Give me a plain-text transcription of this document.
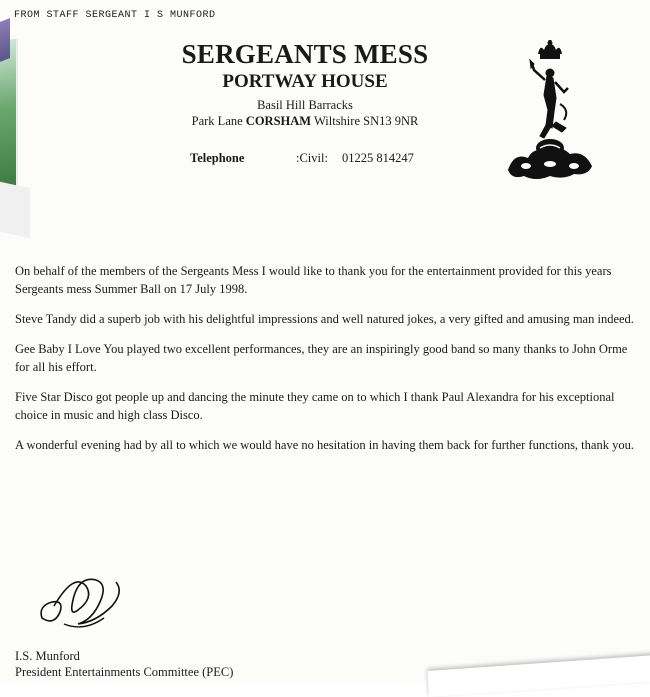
FROM STAFF SERGEANT I S MUNFORD
SERGEANTS MESS
PORTWAY HOUSE
Basil Hill Barracks
Park Lane CORSHAM Wiltshire SN13 9NR
Telephone	:Civil: 01225 814247

On behalf of the members of the Sergeants Mess I would like to thank you for the entertainment provided for this years Sergeants mess Summer Ball on 17 July 1998.

Steve Tandy did a superb job with his delightful impressions and well natured jokes, a very gifted and amusing man indeed.

Gee Baby I Love You played two excellent performances, they are an inspiringly good band so many thanks to John Orme for all his effort.

Five Star Disco got people up and dancing the minute they came on to which I thank Paul Alexandra for his exceptional choice in music and high class Disco.

A wonderful evening had by all to which we would have no hesitation in having them back for further functions, thank you.

I.S. Munford
President Entertainments Committee (PEC)
